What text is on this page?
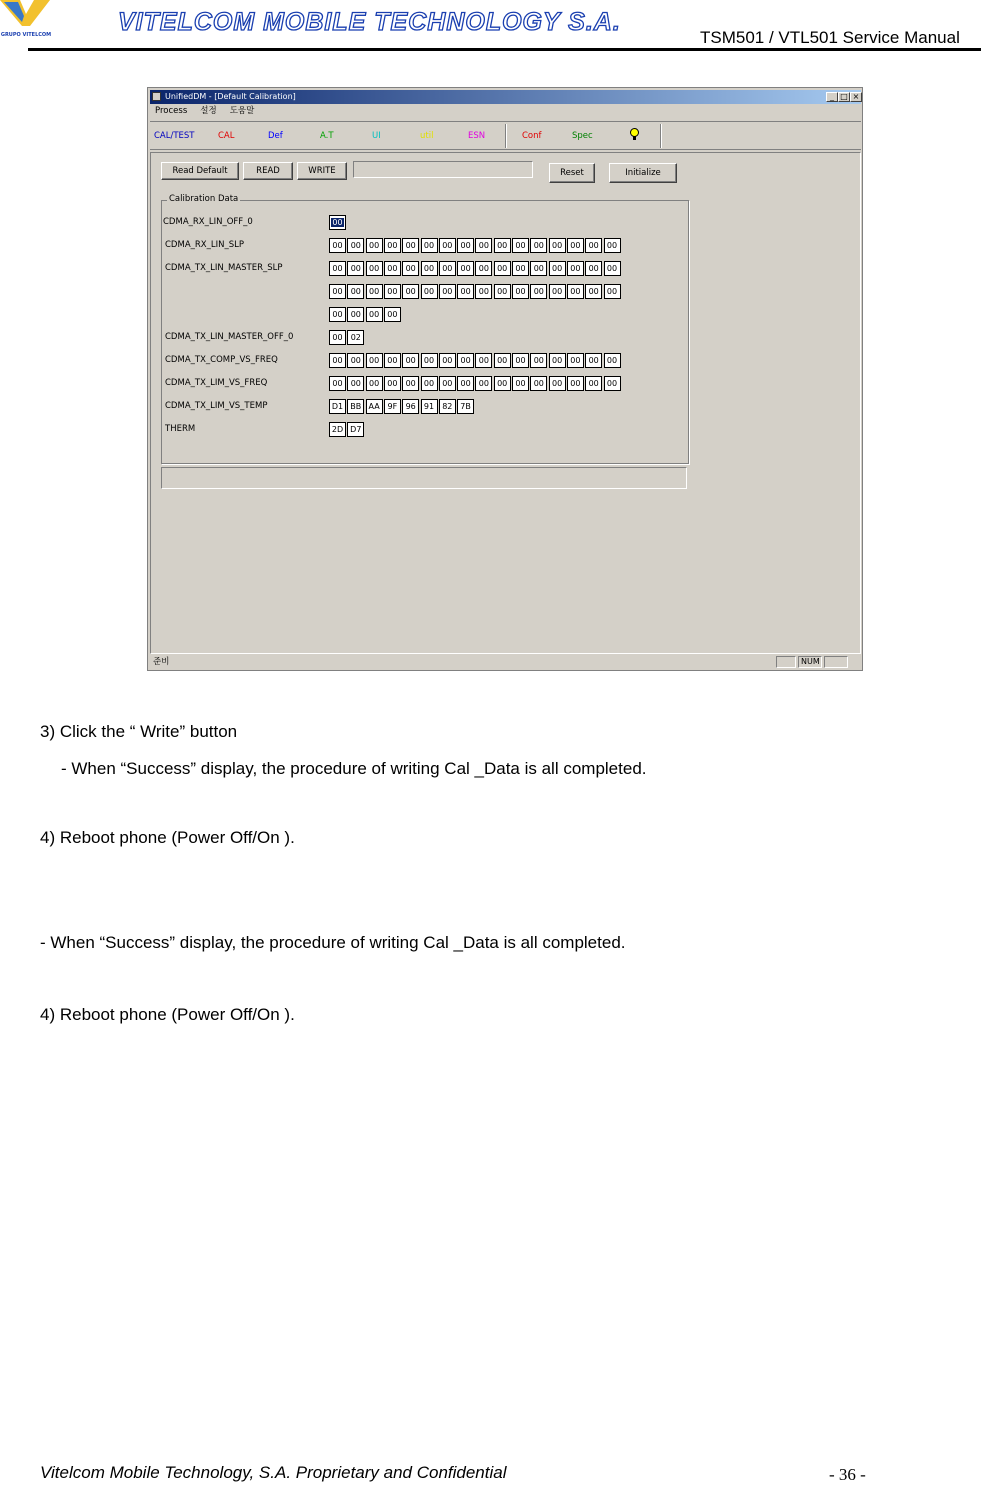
GRUPO VITELCOM	VITELCOM MOBILE TECHNOLOGY S.A.
TSM501 / VTL501 Service Manual
UnifiedDM - [Default Calibration]	_ □ ×
Process 설정 도움말
CAL/TEST	CAL	Def	A.T	UI	util	ESN	Conf	Spec
Read Default	READ	WRITE	Reset	Initialize
Calibration Data
CDMA_RX_LIN_OFF_0	00
CDMA_RX_LIN_SLP	00	00	00	00	00	00	00	00	00	00	00	00	00	00	00	00
CDMA_TX_LIN_MASTER_SLP	00	00	00	00	00	00	00	00	00	00	00	00	00	00	00	00
00	00	00	00	00	00	00	00	00	00	00	00	00	00	00	00
00	00	00	00
CDMA_TX_LIN_MASTER_OFF_0	00	02
CDMA_TX_COMP_VS_FREQ	00	00	00	00	00	00	00	00	00	00	00	00	00	00	00	00
CDMA_TX_LIM_VS_FREQ	00	00	00	00	00	00	00	00	00	00	00	00	00	00	00	00
CDMA_TX_LIM_VS_TEMP	D1 BB AA 9F	96	91	82 7B
THERM	2D D7
준비	NUM
3) Click the “ Write” button
- When “Success” display, the procedure of writing Cal _Data is all completed.
4) Reboot phone (Power Off/On ).
- When “Success” display, the procedure of writing Cal _Data is all completed.
4) Reboot phone (Power Off/On ).
Vitelcom Mobile Technology, S.A. Proprietary and Confidential	- 36 -
